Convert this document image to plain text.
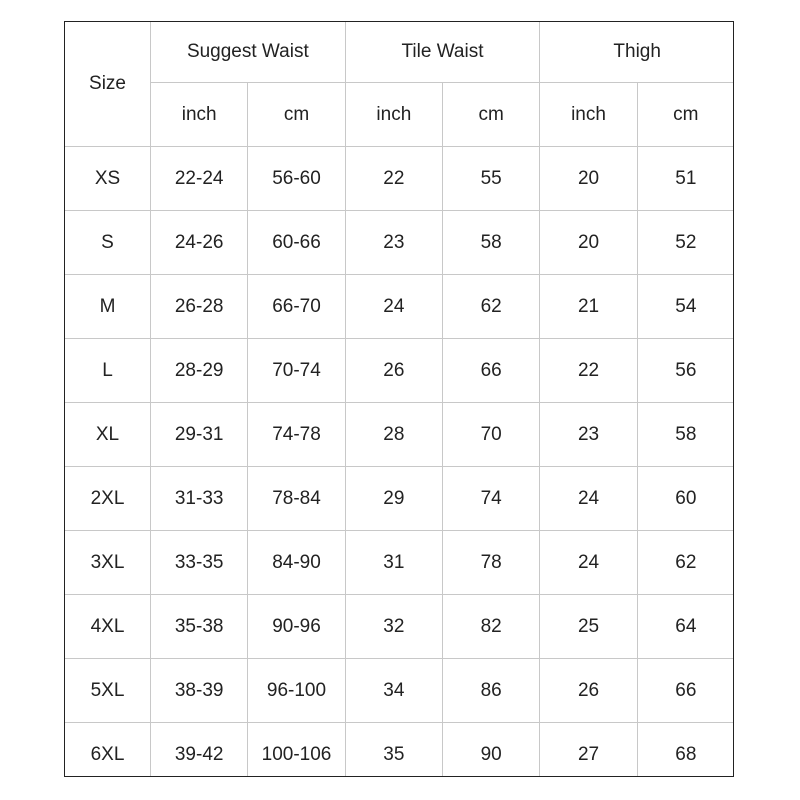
Size	Suggest Waist		Tile Waist		Thigh	
	inch	cm	inch	cm	inch	cm
XS	22-24	56-60	22	55	20	51
S	24-26	60-66	23	58	20	52
M	26-28	66-70	24	62	21	54
L	28-29	70-74	26	66	22	56
XL	29-31	74-78	28	70	23	58
2XL	31-33	78-84	29	74	24	60
3XL	33-35	84-90	31	78	24	62
4XL	35-38	90-96	32	82	25	64
5XL	38-39	96-100	34	86	26	66
6XL	39-42	100-106	35	90	27	68
